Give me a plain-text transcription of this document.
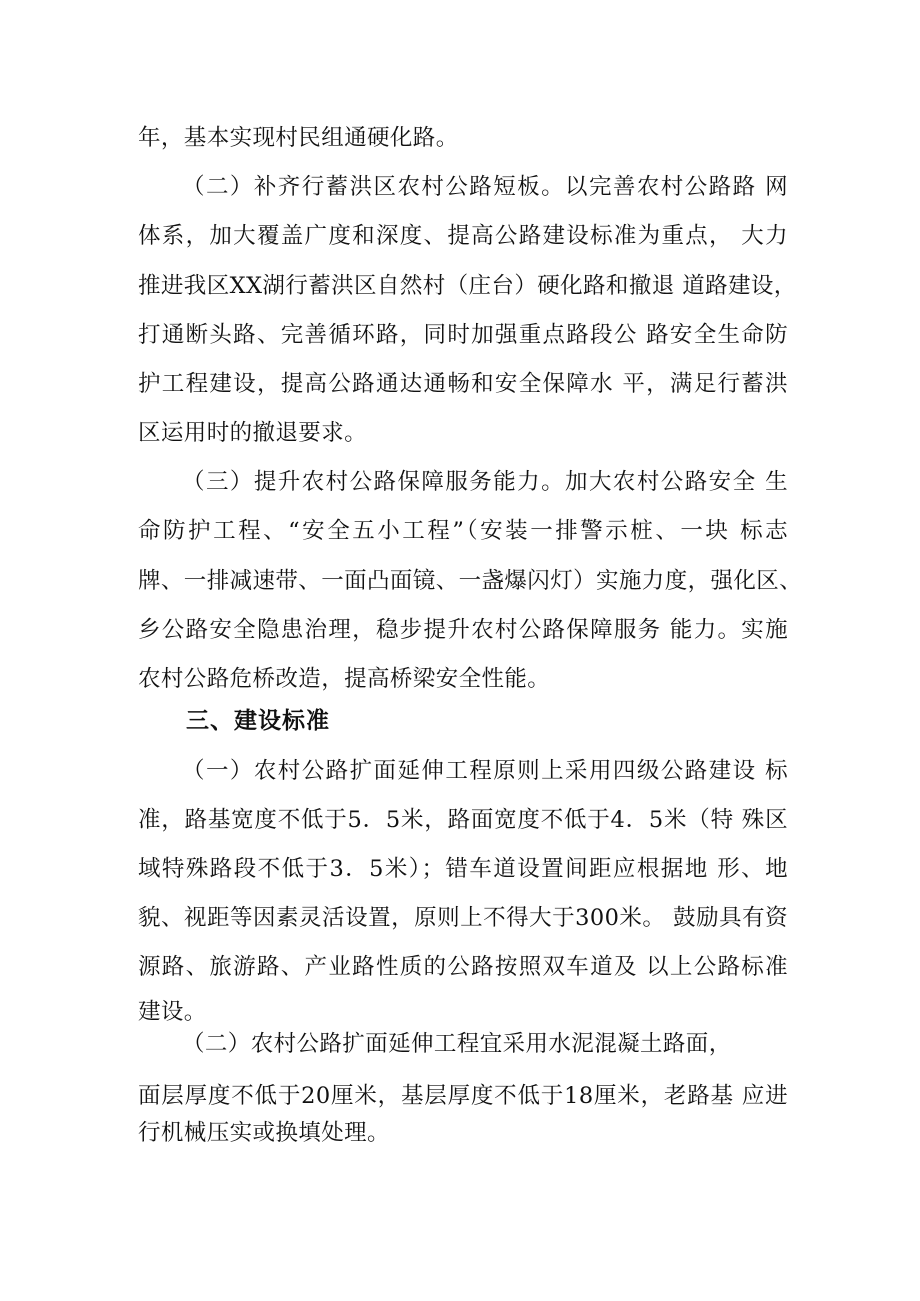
年，基本实现村民组通硬化路。
（二）补齐行蓄洪区农村公路短板。以完善农村公路路 网
体系，加大覆盖广度和深度、提高公路建设标准为重点， 大力
推进我区XX湖行蓄洪区自然村（庄台）硬化路和撤退 道路建设，
打通断头路、完善循环路，同时加强重点路段公 路安全生命防
护工程建设，提高公路通达通畅和安全保障水 平，满足行蓄洪
区运用时的撤退要求。
（三）提升农村公路保障服务能力。加大农村公路安全 生
命防护工程、“安全五小工程”（安装一排警示桩、一块 标志
牌、一排减速带、一面凸面镜、一盏爆闪灯）实施力度，强化区、
乡公路安全隐患治理，稳步提升农村公路保障服务 能力。实施
农村公路危桥改造，提高桥梁安全性能。
三、建设标准
（一）农村公路扩面延伸工程原则上采用四级公路建设 标
准，路基宽度不低于5．5米，路面宽度不低于4．5米（特 殊区
域特殊路段不低于3．5米）；错车道设置间距应根据地 形、地
貌、视距等因素灵活设置，原则上不得大于300米。 鼓励具有资
源路、旅游路、产业路性质的公路按照双车道及 以上公路标准
建设。
（二）农村公路扩面延伸工程宜采用水泥混凝土路面，
面层厚度不低于20厘米，基层厚度不低于18厘米，老路基 应进
行机械压实或换填处理。
